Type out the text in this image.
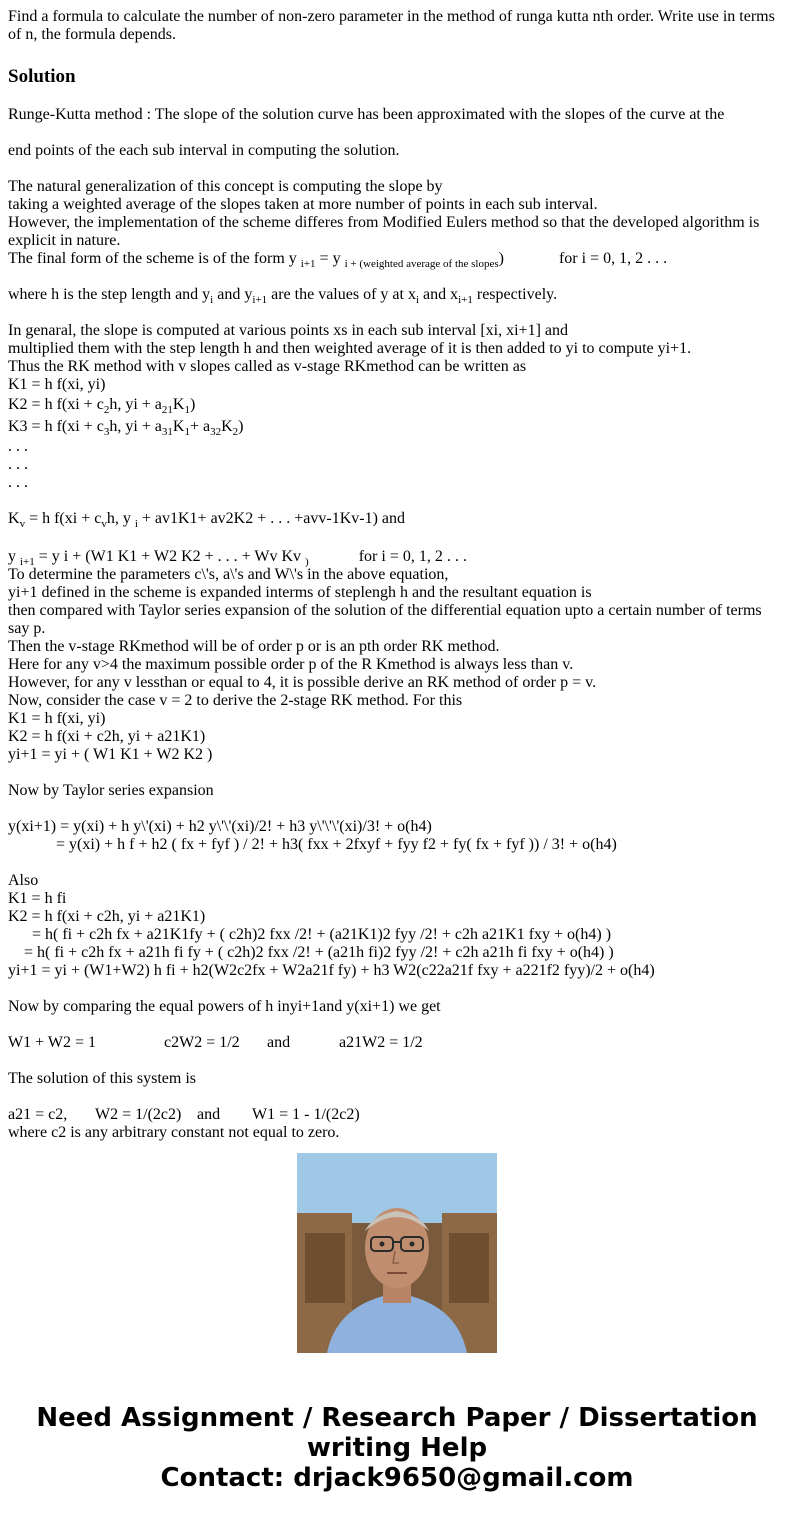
Find a formula to calculate the number of non-zero parameter in the method of runga kutta nth order. Write use in terms of n, the formula depends.

Solution

Runge-Kutta method : The slope of the solution curve has been approximated with the slopes of the curve at the

end points of the each sub interval in computing the solution.

The natural generalization of this concept is computing the slope by

taking a weighted average of the slopes taken at more number of points in each sub interval.

However, the implementation of the scheme differes from Modified Eulers method so that the developed algorithm is explicit in nature.

The final form of the scheme is of the form y $_{i+1}$ = y $_{i + (weighted average of the slopes}$)	for i = 0, 1, 2 . . .

where h is the step length and $y_i$ and $y_{i+1}$ are the values of y at $x_i$ and $x_{i+1}$ respectively.

In genaral, the slope is computed at various points xs in each sub interval [xi, xi+1] and

multiplied them with the step length h and then weighted average of it is then added to yi to compute yi+1.

Thus the RK method with v slopes called as v-stage RKmethod can be written as

K1 = h f(xi, yi)

K2 = h $f(xi + c_2h$, yi + $a_{21}K_1$)

K3 = h $f(xi + c_3h$, yi + $a_{31}K_1+ a_{32}K_2$)

. . .

. . .

. . .

$K_v = h$ $f(xi + c_vh$, y $_i$ + av1K1+ av2K2 + . . . +avv-1Kv-1) and

y $_{i+1}$ = y i + (W1 K1 + W2 K2 + . . . + Wv Kv $_)$	for i = 0, 1, 2 . . .

To determine the parameters c\'s, a\'s and W\'s in the above equation,

yi+1 defined in the scheme is expanded interms of steplengh h and the resultant equation is

then compared with Taylor series expansion of the solution of the differential equation upto a certain number of terms say p.

Then the v-stage RKmethod will be of order p or is an pth order RK method.

Here for any v>4 the maximum possible order p of the R Kmethod is always less than v.

However, for any v lessthan or equal to 4, it is possible derive an RK method of order p = v.

Now, consider the case v = 2 to derive the 2-stage RK method. For this

K1 = h f(xi, yi)

K2 = h f(xi + c2h, yi + a21K1)

yi+1 = yi + ( W1 K1 + W2 K2 )

Now by Taylor series expansion

y(xi+1) = y(xi) + h y\'(xi) + h2 y\'\'(xi)/2! + h3 y\'\'\'(xi)/3! + o(h4)

= y(xi) + h f + h2 ( fx + fyf ) / 2! + h3( fxx + 2fxyf + fyy f2 + fy( fx + fyf )) / 3! + o(h4)

Also

K1 = h fi

K2 = h f(xi + c2h, yi + a21K1)

= h( fi + c2h fx + a21K1fy + ( c2h)2 fxx /2! + (a21K1)2 fyy /2! + c2h a21K1 fxy + o(h4) )

= h( fi + c2h fx + a21h fi fy + ( c2h)2 fxx /2! + (a21h fi)2 fyy /2! + c2h a21h fi fxy + o(h4) )

yi+1 = yi + (W1+W2) h fi + h2(W2c2fx + W2a21f fy) + h3 W2(c22a21f fxy + a221f2 fyy)/2 + o(h4)

Now by comparing the equal powers of h inyi+1and y(xi+1) we get

W1 + W2 = 1	c2W2 = 1/2 and	a21W2 = 1/2

The solution of this system is

a21 = c2, W2 = 1/(2c2) and W1 = 1 - 1/(2c2)

where c2 is any arbitrary constant not equal to zero.

Need Assignment / Research Paper / Dissertation
writing Help
Contact: drjack9650@gmail.com
